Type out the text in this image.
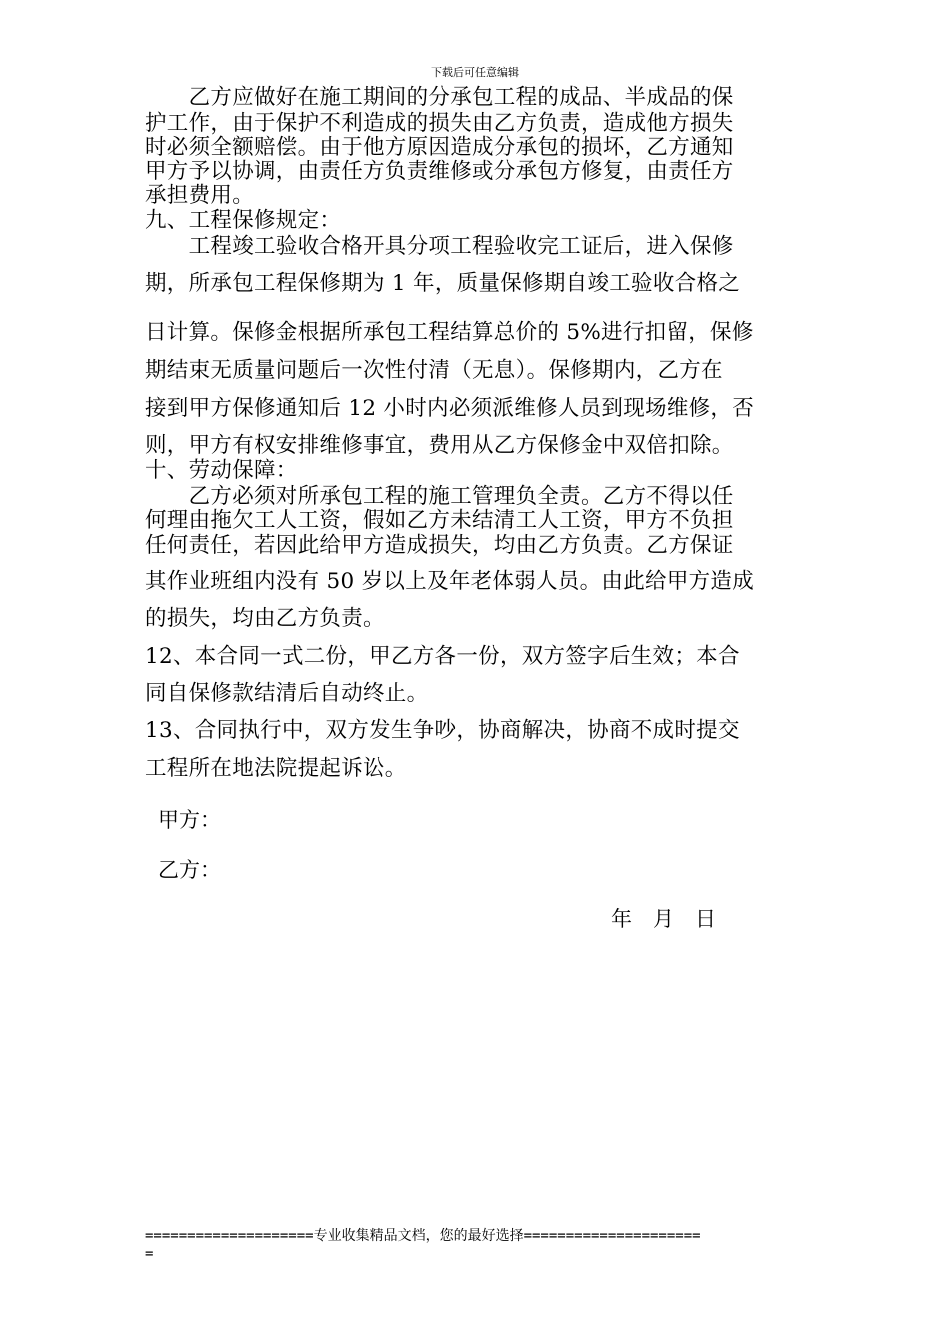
下载后可任意编辑
　　乙方应做好在施工期间的分承包工程的成品、半成品的保
护工作，由于保护不利造成的损失由乙方负责，造成他方损失
时必须全额赔偿。由于他方原因造成分承包的损坏，乙方通知
甲方予以协调，由责任方负责维修或分承包方修复，由责任方
承担费用。
九、工程保修规定：
　　工程竣工验收合格开具分项工程验收完工证后，进入保修
期，所承包工程保修期为 1 年，质量保修期自竣工验收合格之
日计算。保修金根据所承包工程结算总价的 5%进行扣留，保修
期结束无质量问题后一次性付清（无息）。保修期内，乙方在
接到甲方保修通知后 12 小时内必须派维修人员到现场维修，否
则，甲方有权安排维修事宜，费用从乙方保修金中双倍扣除。
十、劳动保障：
　　乙方必须对所承包工程的施工管理负全责。乙方不得以任
何理由拖欠工人工资，假如乙方未结清工人工资，甲方不负担
任何责任，若因此给甲方造成损失，均由乙方负责。乙方保证
其作业班组内没有 50 岁以上及年老体弱人员。由此给甲方造成
的损失，均由乙方负责。
12、本合同一式二份，甲乙方各一份，双方签字后生效；本合
同自保修款结清后自动终止。
13、合同执行中，双方发生争吵，协商解决，协商不成时提交
工程所在地法院提起诉讼。
甲方：
乙方：
年　月　日
====================专业收集精品文档，您的最好选择=====================
=
